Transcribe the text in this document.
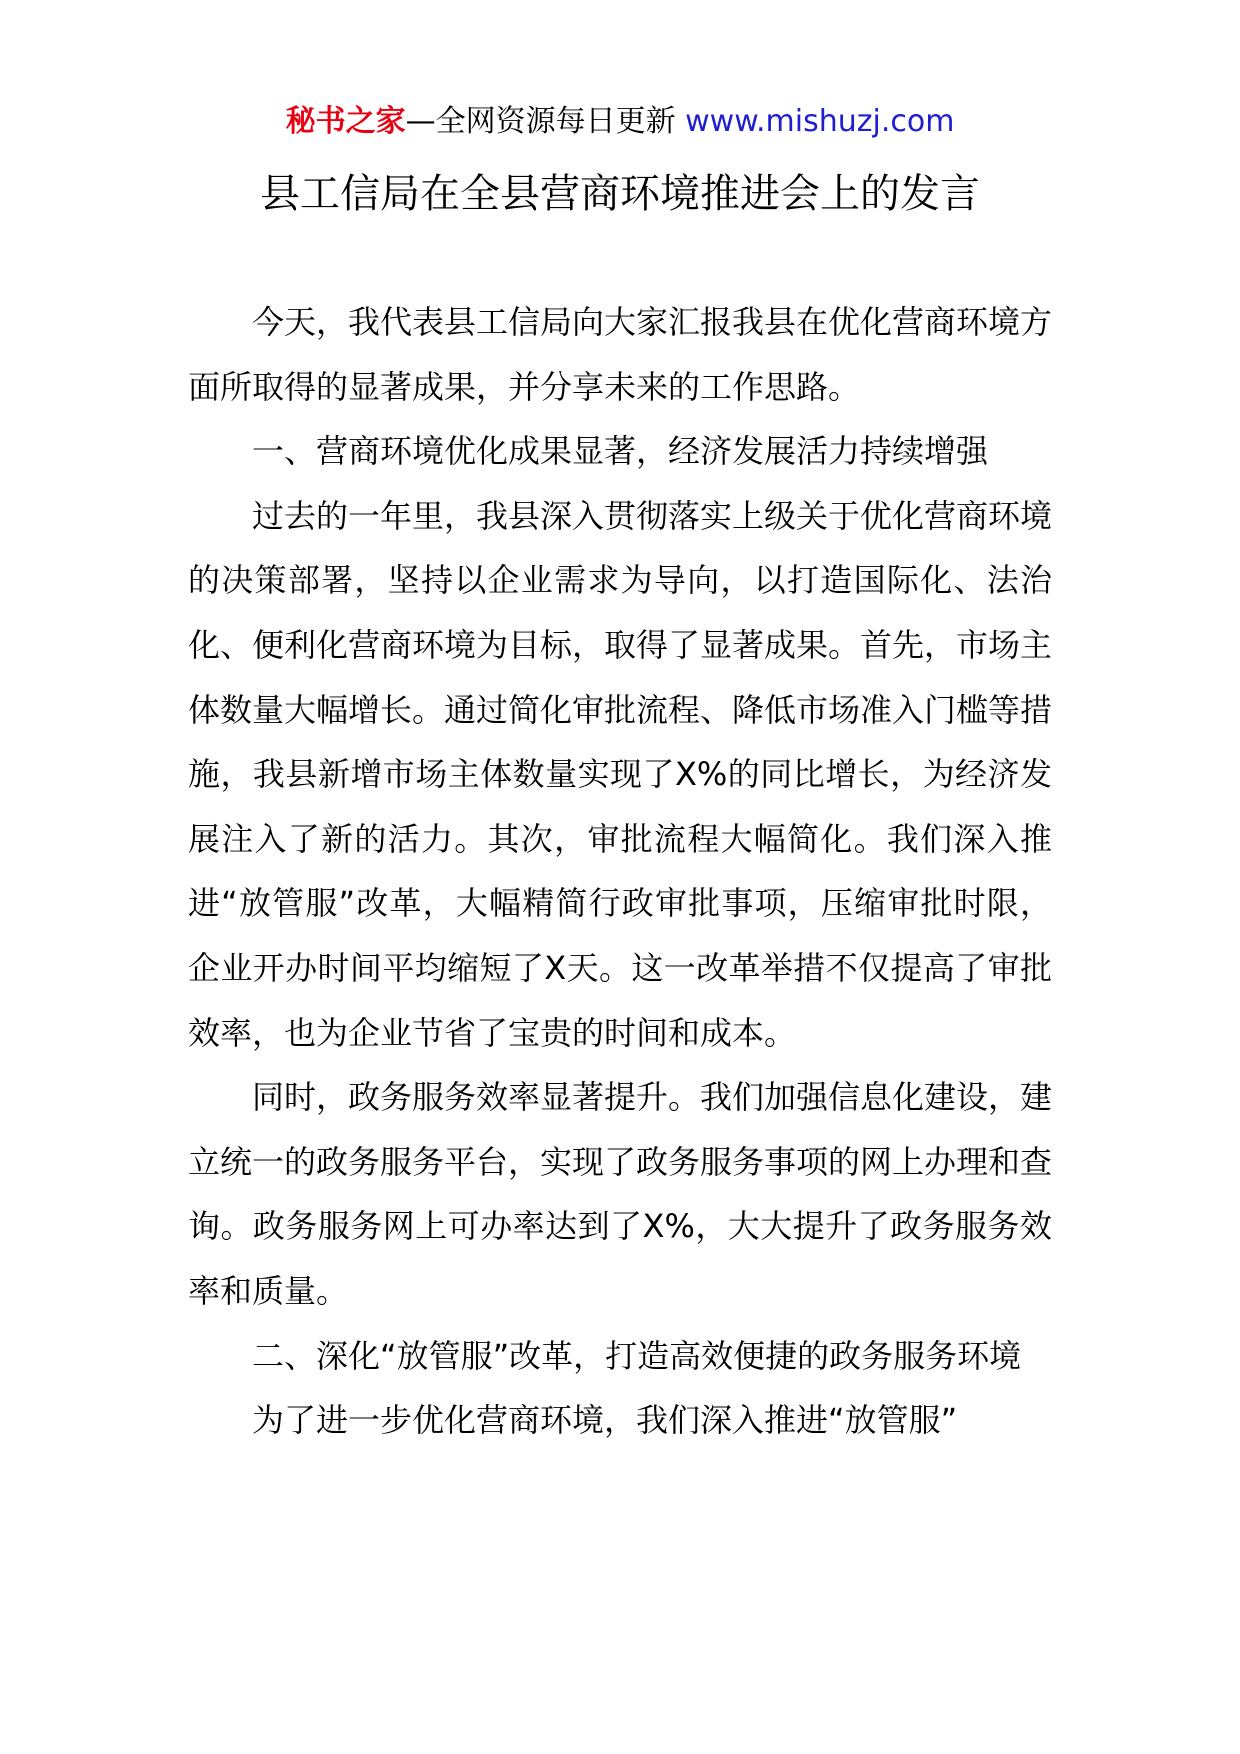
秘书之家—全网资源每日更新 www.mishuzj.com
县工信局在全县营商环境推进会上的发言

今天，我代表县工信局向大家汇报我县在优化营商环境方面所取得的显著成果，并分享未来的工作思路。

一、营商环境优化成果显著，经济发展活力持续增强

过去的一年里，我县深入贯彻落实上级关于优化营商环境的决策部署，坚持以企业需求为导向，以打造国际化、法治化、便利化营商环境为目标，取得了显著成果。首先，市场主体数量大幅增长。通过简化审批流程、降低市场准入门槛等措施，我县新增市场主体数量实现了X%的同比增长，为经济发展注入了新的活力。其次，审批流程大幅简化。我们深入推进“放管服”改革，大幅精简行政审批事项，压缩审批时限，企业开办时间平均缩短了X天。这一改革举措不仅提高了审批效率，也为企业节省了宝贵的时间和成本。

同时，政务服务效率显著提升。我们加强信息化建设，建立统一的政务服务平台，实现了政务服务事项的网上办理和查询。政务服务网上可办率达到了X%，大大提升了政务服务效率和质量。

二、深化“放管服”改革，打造高效便捷的政务服务环境

为了进一步优化营商环境，我们深入推进“放管服”
